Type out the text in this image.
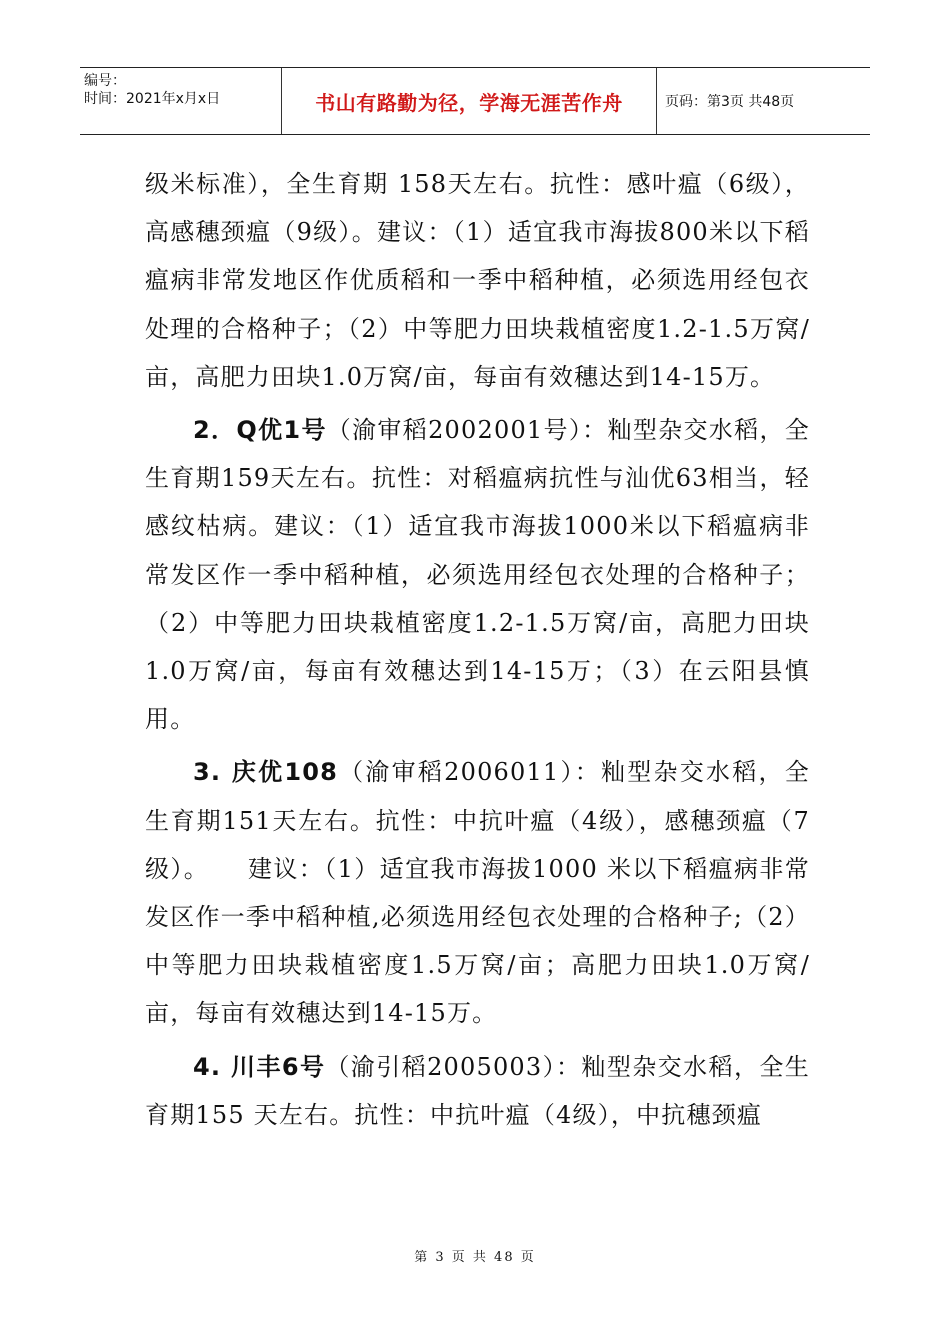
编号：
时间：2021年x月x日	书山有路勤为径，学海无涯苦作舟	页码：第3页 共48页

级米标准），全生育期 158天左右。抗性：感叶瘟（6级），高感穗颈瘟（9级）。建议：（1）适宜我市海拔800米以下稻瘟病非常发地区作优质稻和一季中稻种植，必须选用经包衣处理的合格种子；（2）中等肥力田块栽植密度1.2-1.5万窝/亩，高肥力田块1.0万窝/亩，每亩有效穗达到14-15万。

2．Q优1号（渝审稻2002001号）：籼型杂交水稻，全生育期159天左右。抗性：对稻瘟病抗性与汕优63相当，轻感纹枯病。建议：（1）适宜我市海拔1000米以下稻瘟病非常发区作一季中稻种植，必须选用经包衣处理的合格种子；（2）中等肥力田块栽植密度1.2-1.5万窝/亩，高肥力田块1.0万窝/亩，每亩有效穗达到14-15万；（3）在云阳县慎用。

3. 庆优108（渝审稻2006011）：籼型杂交水稻，全生育期151天左右。抗性：中抗叶瘟（4级），感穗颈瘟（7级）。　　建议：（1）适宜我市海拔1000 米以下稻瘟病非常发区作一季中稻种植,必须选用经包衣处理的合格种子;（2）中等肥力田块栽植密度1.5万窝/亩；高肥力田块1.0万窝/亩，每亩有效穗达到14-15万。

4. 川丰6号（渝引稻2005003）：籼型杂交水稻，全生育期155 天左右。抗性：中抗叶瘟（4级），中抗穗颈瘟

第 3 页 共 48 页
